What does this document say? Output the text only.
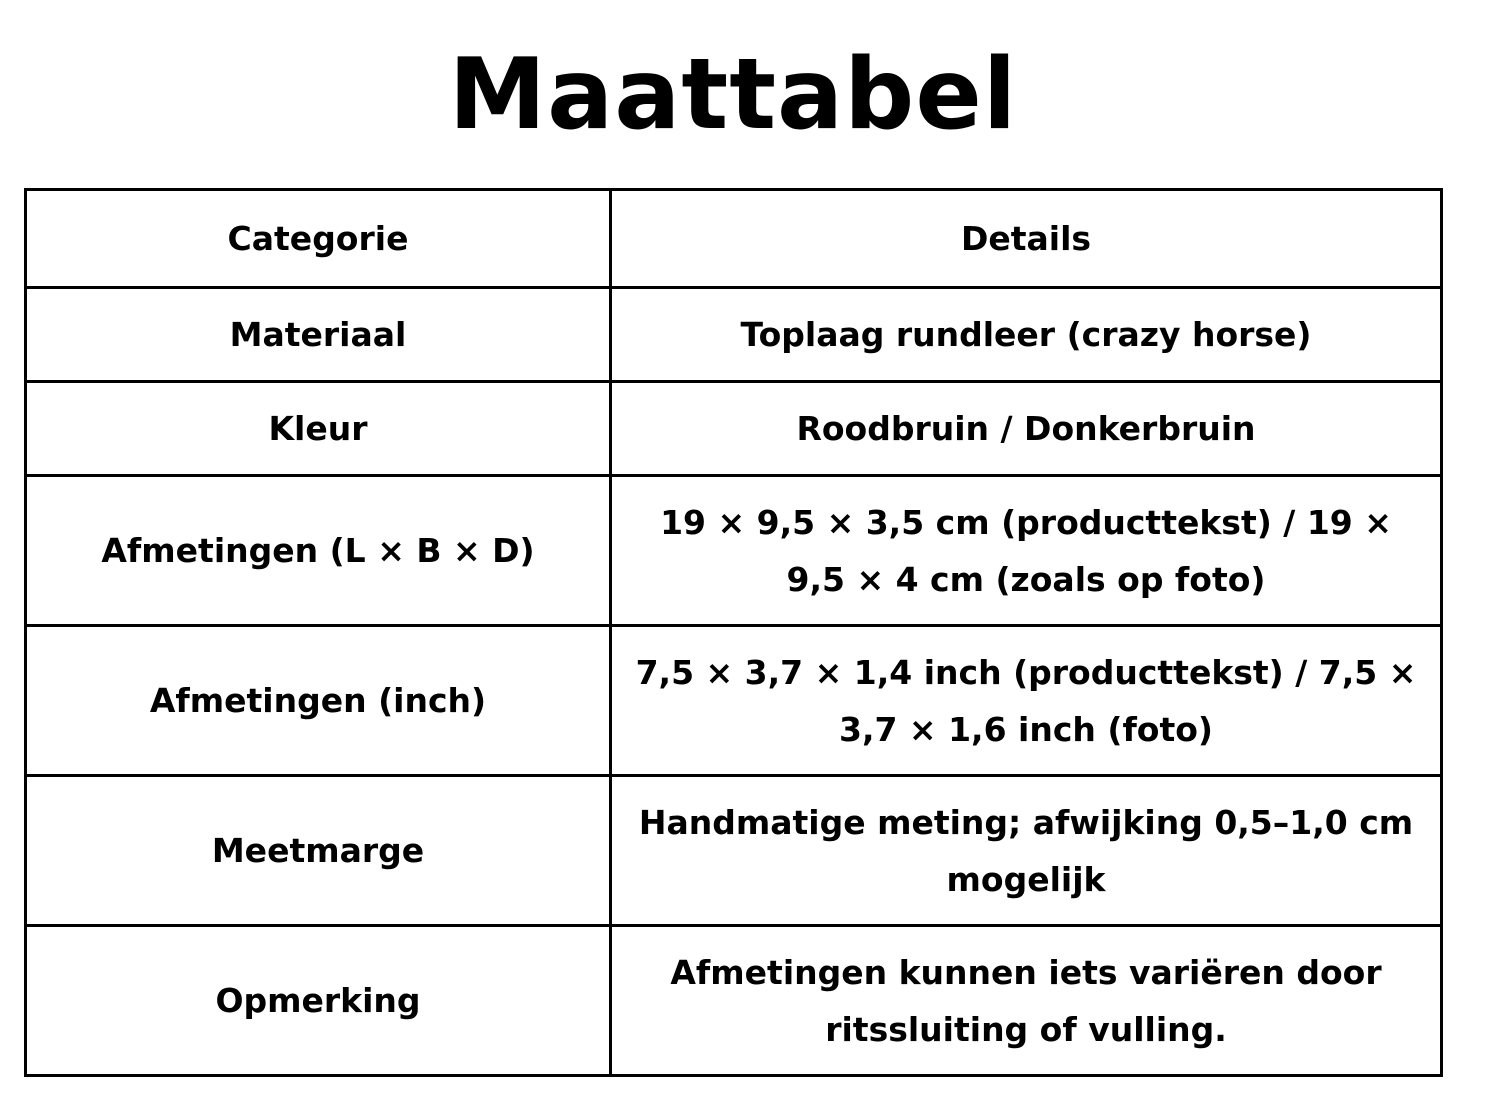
Maattabel
Categorie	Details
Materiaal	Toplaag rundleer (crazy horse)
Kleur	Roodbruin / Donkerbruin
Afmetingen (L × B × D)	19 × 9,5 × 3,5 cm (producttekst) / 19 × 9,5 × 4 cm (zoals op foto)
Afmetingen (inch)	7,5 × 3,7 × 1,4 inch (producttekst) / 7,5 × 3,7 × 1,6 inch (foto)
Meetmarge	Handmatige meting; afwijking 0,5–1,0 cm mogelijk
Opmerking	Afmetingen kunnen iets variëren door ritssluiting of vulling.
